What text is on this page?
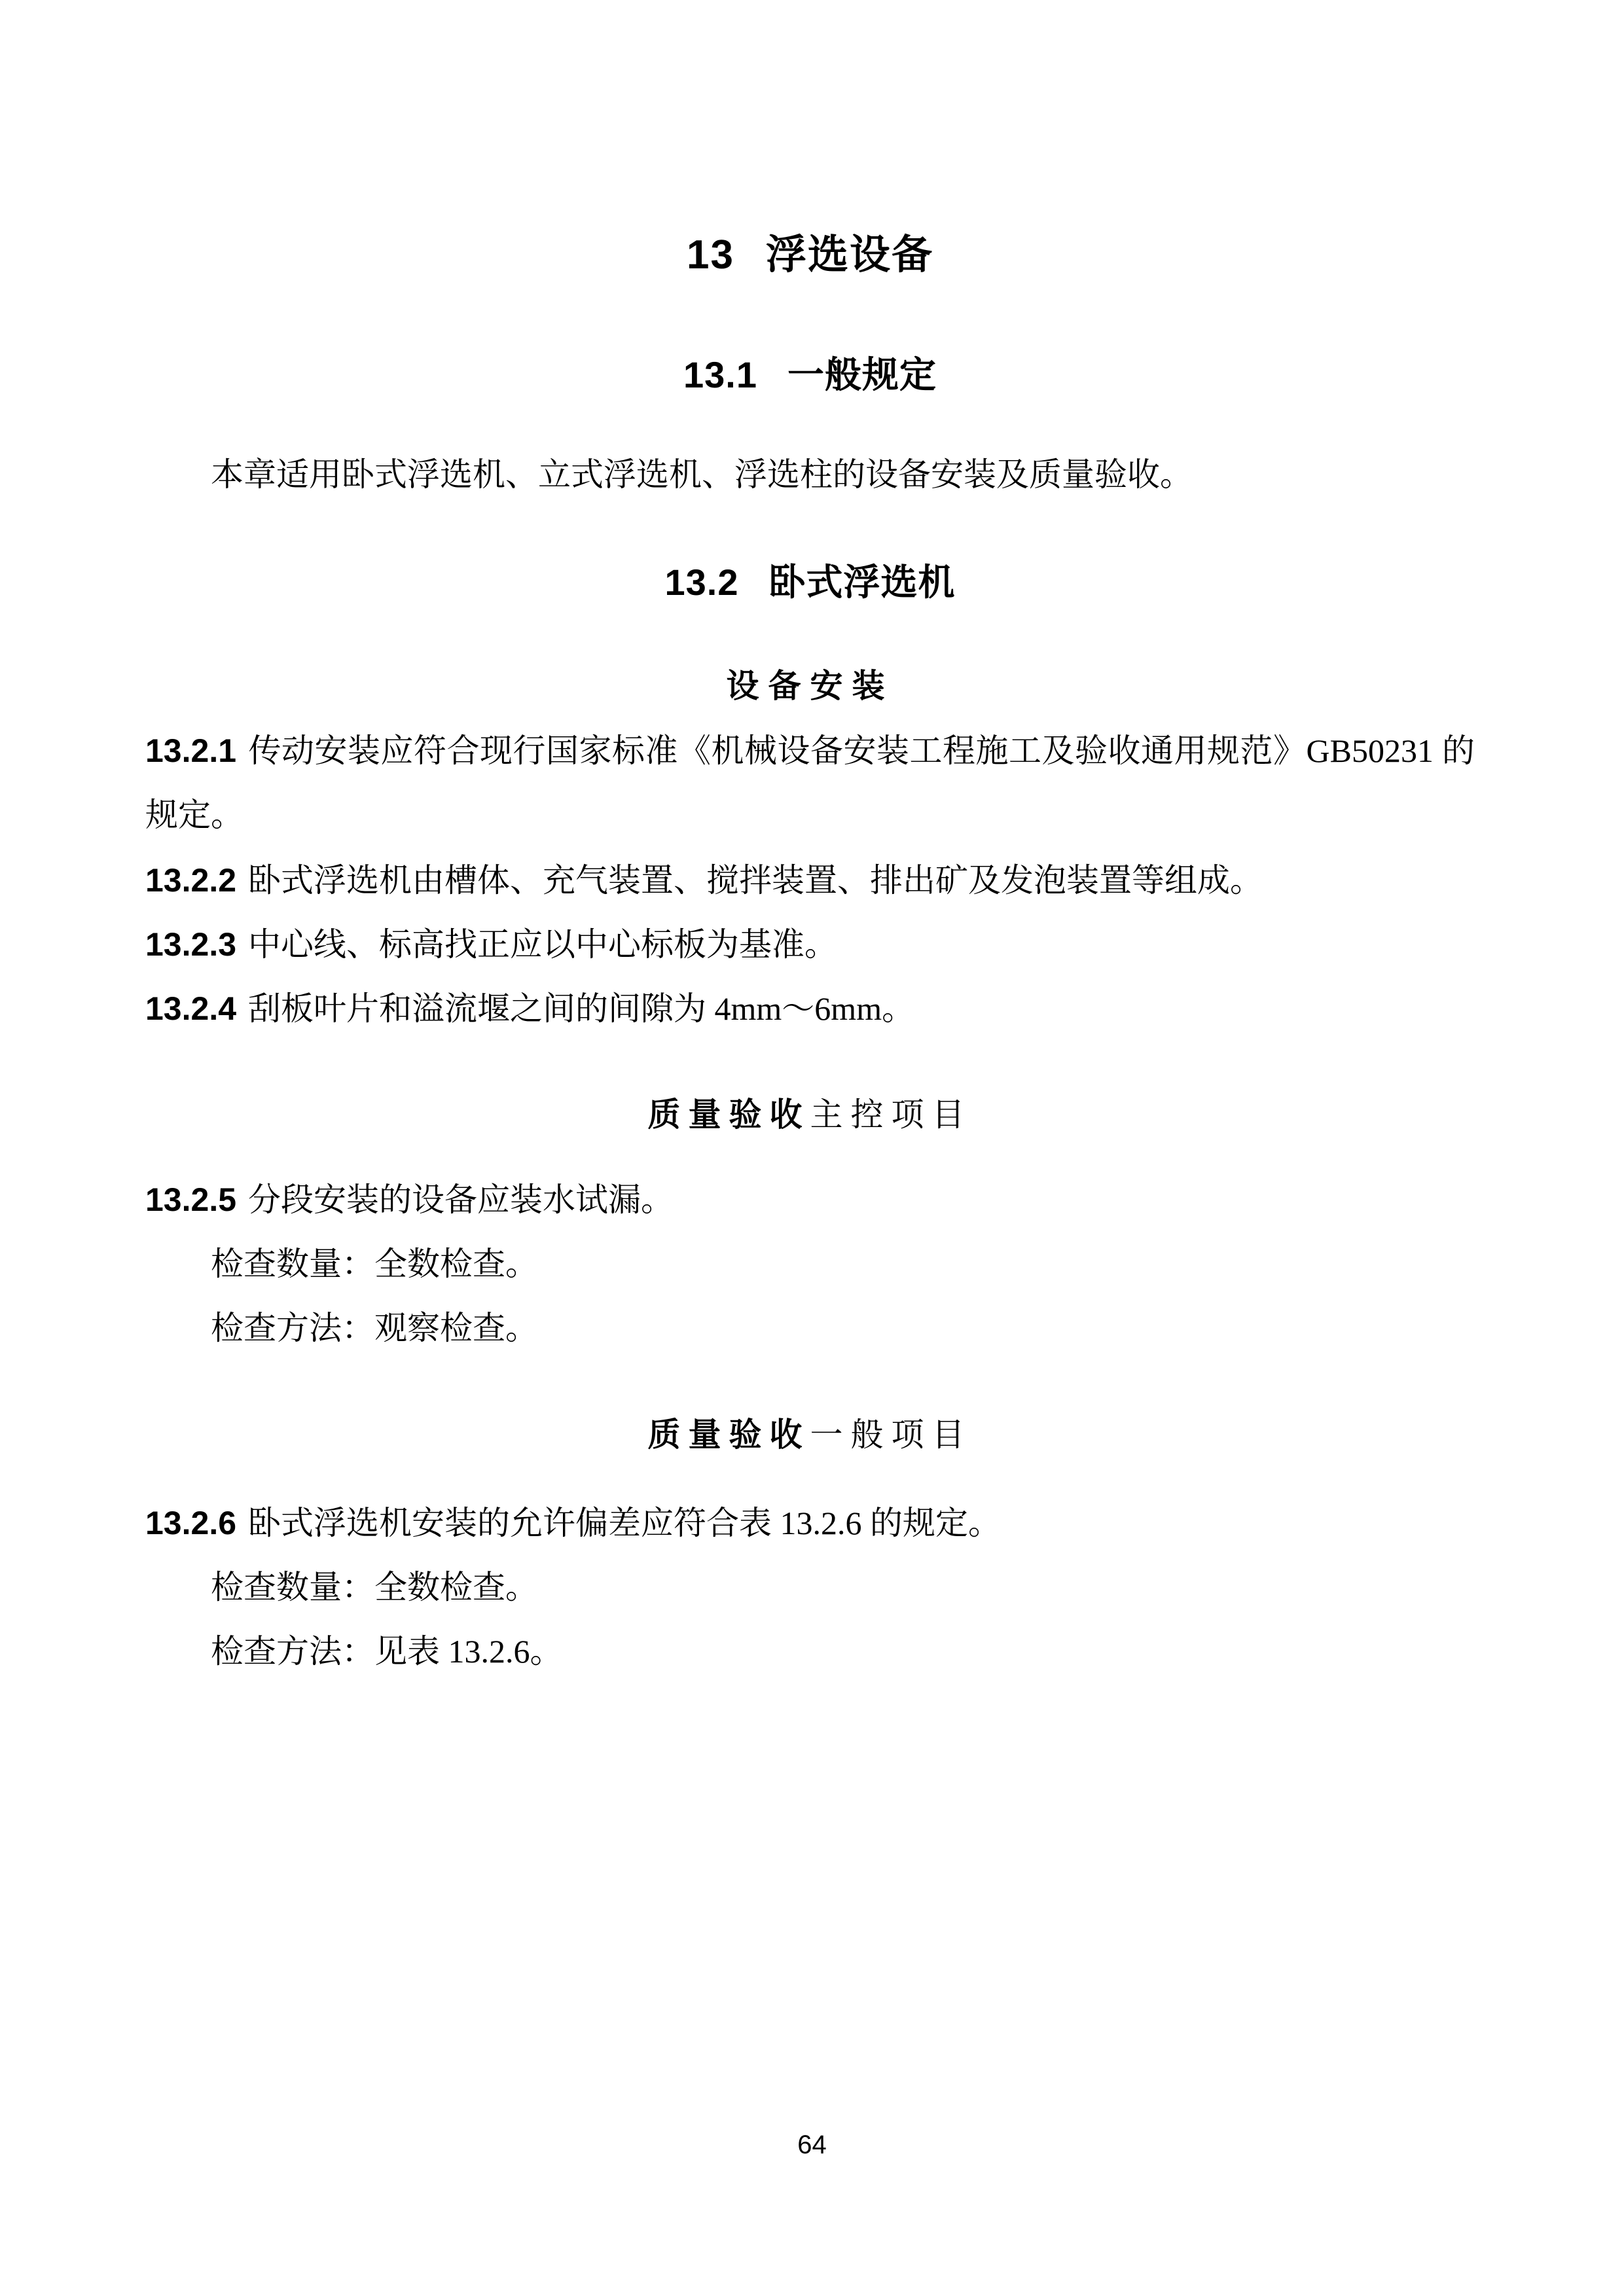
13 浮选设备
13.1 一般规定

本章适用卧式浮选机、立式浮选机、浮选柱的设备安装及质量验收。

13.2 卧式浮选机
设备安装

13.2.1 传动安装应符合现行国家标准《机械设备安装工程施工及验收通用规范》GB50231 的规定。

13.2.2 卧式浮选机由槽体、充气装置、搅拌装置、排出矿及发泡装置等组成。

13.2.3 中心线、标高找正应以中心标板为基准。

13.2.4 刮板叶片和溢流堰之间的间隙为 4mm～6mm。

质量验收主控项目

13.2.5 分段安装的设备应装水试漏。

检查数量：全数检查。

检查方法：观察检查。

质量验收一般项目

13.2.6 卧式浮选机安装的允许偏差应符合表 13.2.6 的规定。

检查数量：全数检查。

检查方法：见表 13.2.6。

64
